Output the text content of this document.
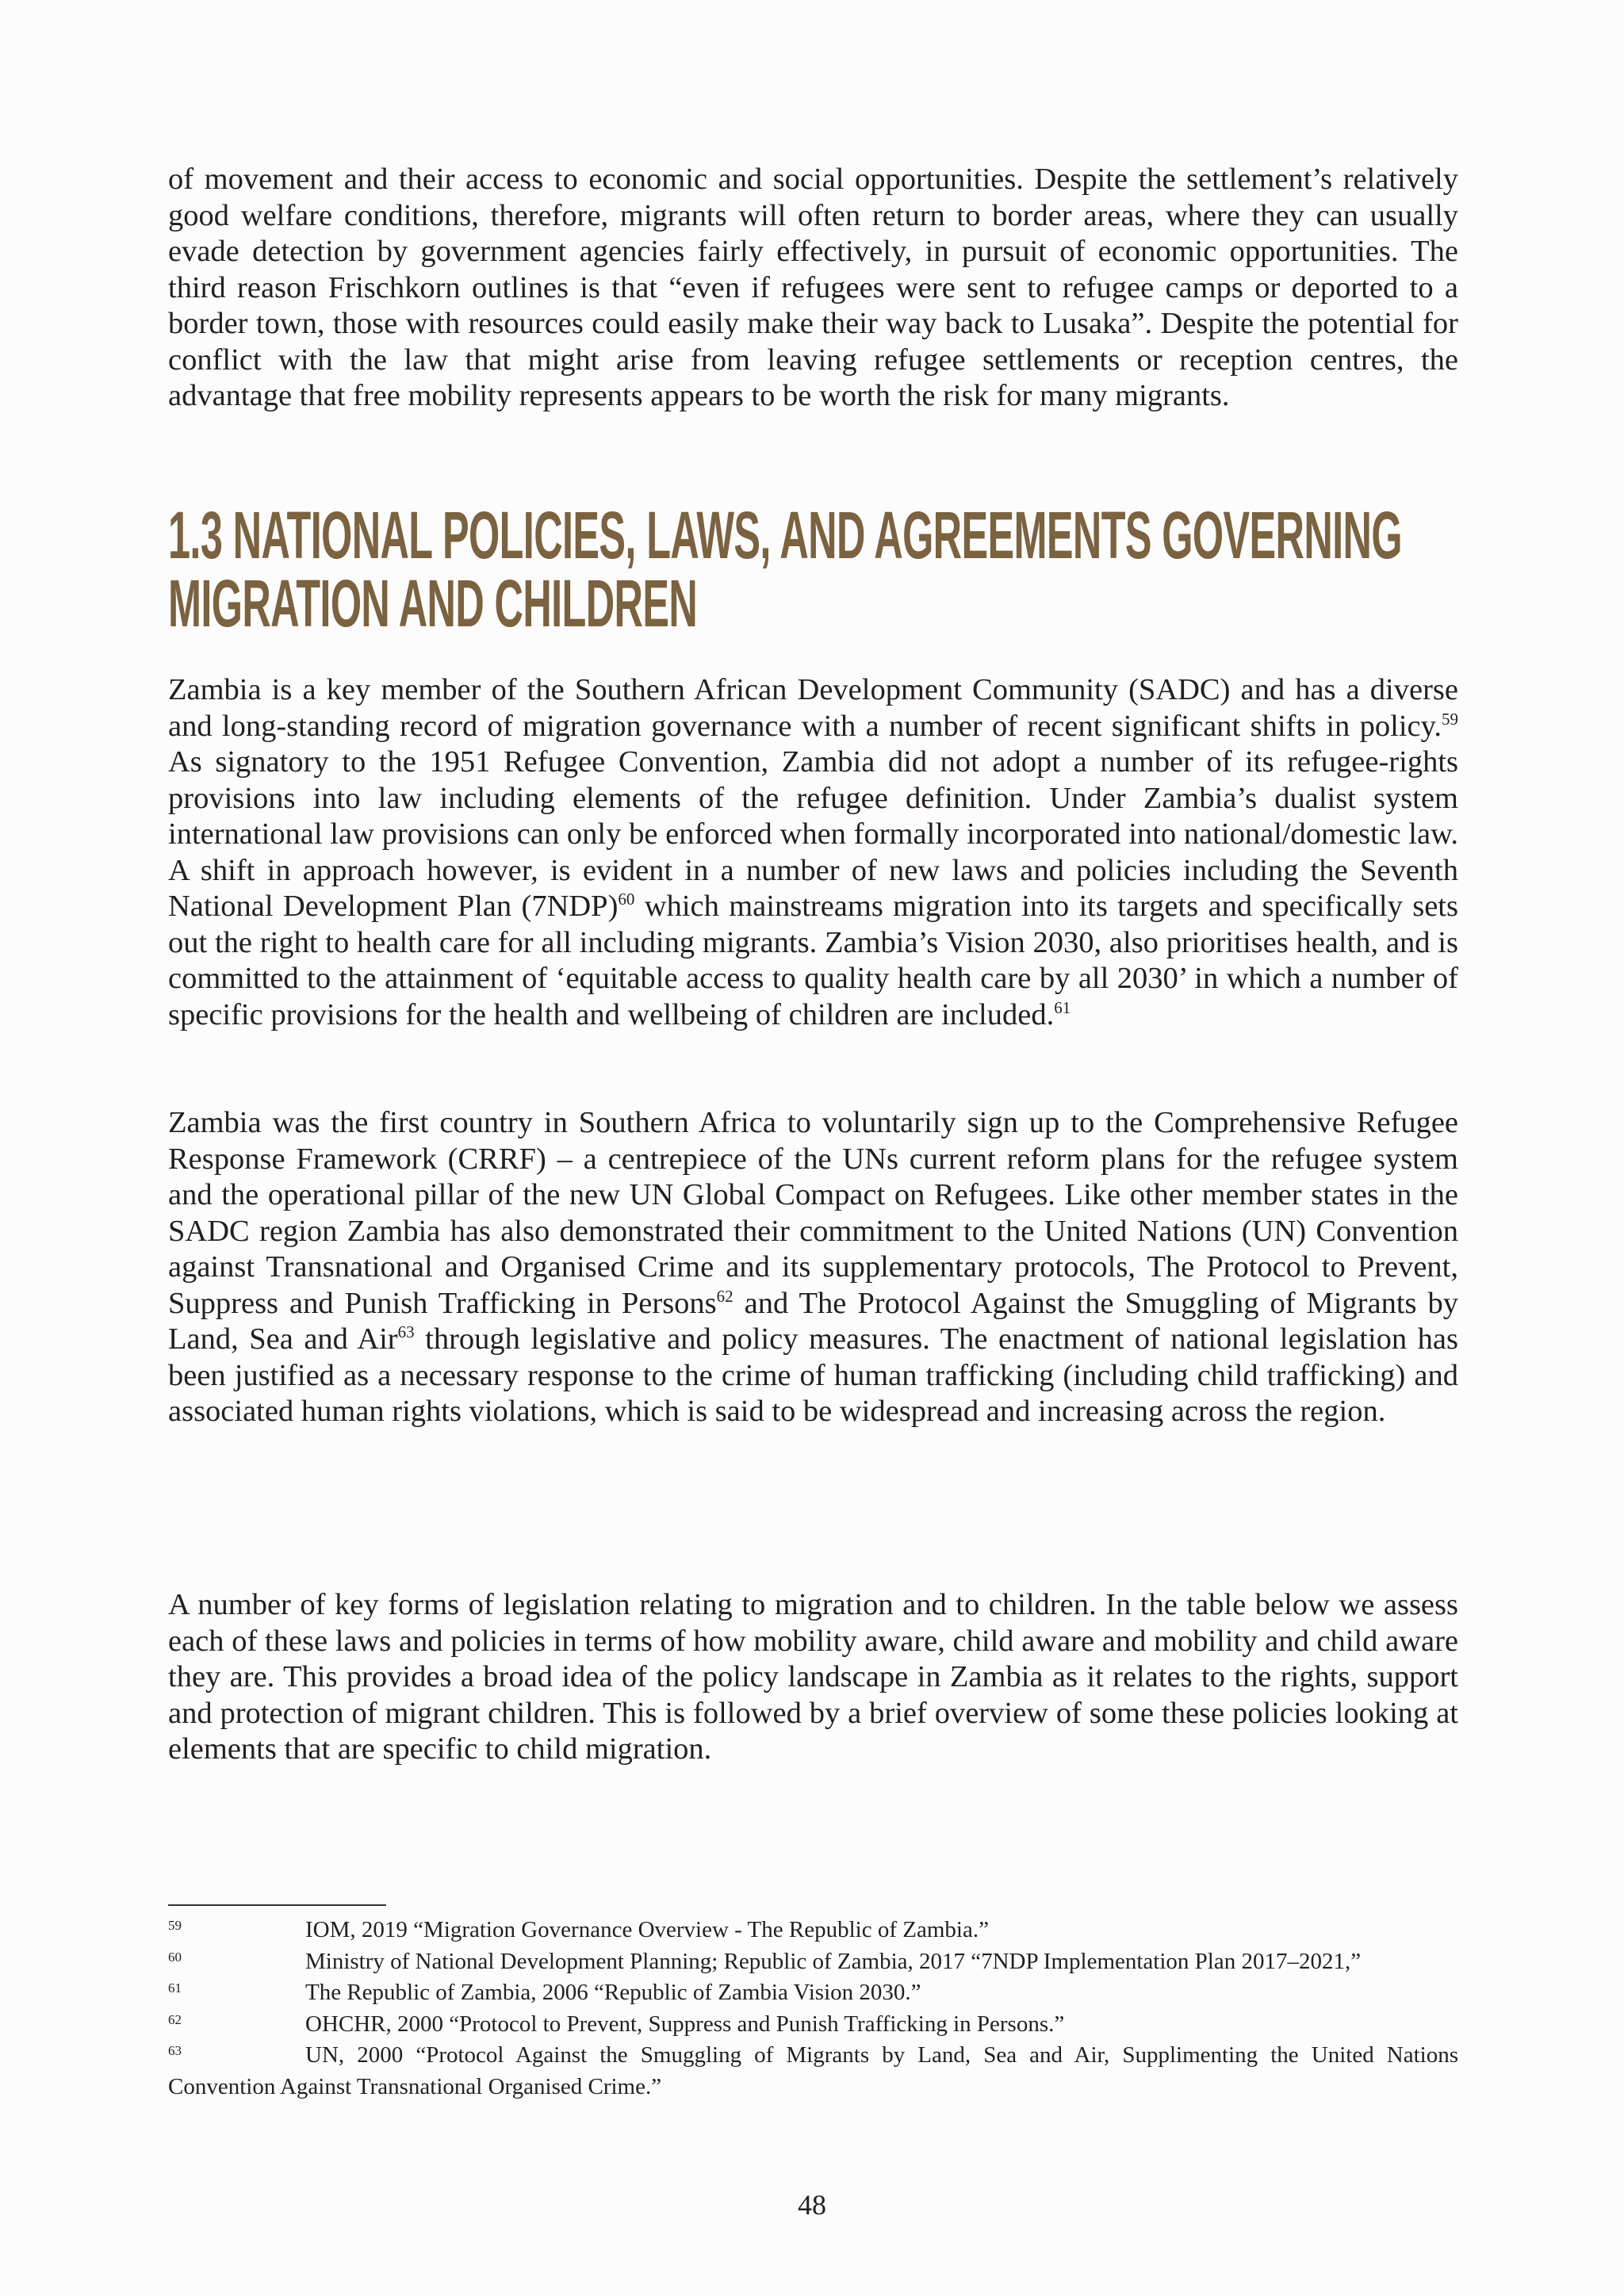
of movement and their access to economic and social opportunities. Despite the settlement’s relatively good welfare conditions, therefore, migrants will often return to border areas, where they can usually evade detection by government agencies fairly effectively, in pursuit of economic opportunities. The third reason Frischkorn outlines is that “even if refugees were sent to refugee camps or deported to a border town, those with resources could easily make their way back to Lusaka”. Despite the potential for conflict with the law that might arise from leaving refugee settlements or reception centres, the advantage that free mobility represents appears to be worth the risk for many migrants.
1.3 NATIONAL POLICIES, LAWS, AND AGREEMENTS GOVERNING MIGRATION AND CHILDREN
Zambia is a key member of the Southern African Development Community (SADC) and has a diverse and long-standing record of migration governance with a number of recent significant shifts in policy.$^{59}$ As signatory to the 1951 Refugee Convention, Zambia did not adopt a number of its refugee-rights provisions into law including elements of the refugee definition. Under Zambia’s dualist system international law provisions can only be enforced when formally incorporated into national/domestic law. A shift in approach however, is evident in a number of new laws and policies including the Seventh National Development Plan $(7NDP)^{60}$ which mainstreams migration into its targets and specifically sets out the right to health care for all including migrants. Zambia’s Vision 2030, also prioritises health, and is committed to the attainment of ‘equitable access to quality health care by all 2030’ in which a number of specific provisions for the health and wellbeing of children are included.$^{61}$
Zambia was the first country in Southern Africa to voluntarily sign up to the Comprehensive Refugee Response Framework (CRRF) – a centrepiece of the UNs current reform plans for the refugee system and the operational pillar of the new UN Global Compact on Refugees. Like other member states in the SADC region Zambia has also demonstrated their commitment to the United Nations (UN) Convention against Transnational and Organised Crime and its supplementary protocols, The Protocol to Prevent, Suppress and Punish Trafficking in Persons$^{62}$ and The Protocol Against the Smuggling of Migrants by Land, Sea and Air$^{63}$ through legislative and policy measures. The enactment of national legislation has been justified as a necessary response to the crime of human trafficking (including child trafficking) and associated human rights violations, which is said to be widespread and increasing across the region.
A number of key forms of legislation relating to migration and to children. In the table below we assess each of these laws and policies in terms of how mobility aware, child aware and mobility and child aware they are. This provides a broad idea of the policy landscape in Zambia as it relates to the rights, support and protection of migrant children. This is followed by a brief overview of some these policies looking at elements that are specific to child migration.
59	IOM, 2019 “Migration Governance Overview - The Republic of Zambia.”
60	Ministry of National Development Planning; Republic of Zambia, 2017 “7NDP Implementation Plan 2017–2021,”
61	The Republic of Zambia, 2006 “Republic of Zambia Vision 2030.”
62	OHCHR, 2000 “Protocol to Prevent, Suppress and Punish Trafficking in Persons.”
63	UN, 2000 “Protocol Against the Smuggling of Migrants by Land, Sea and Air, Supplimenting the United Nations Convention Against Transnational Organised Crime.”
48
